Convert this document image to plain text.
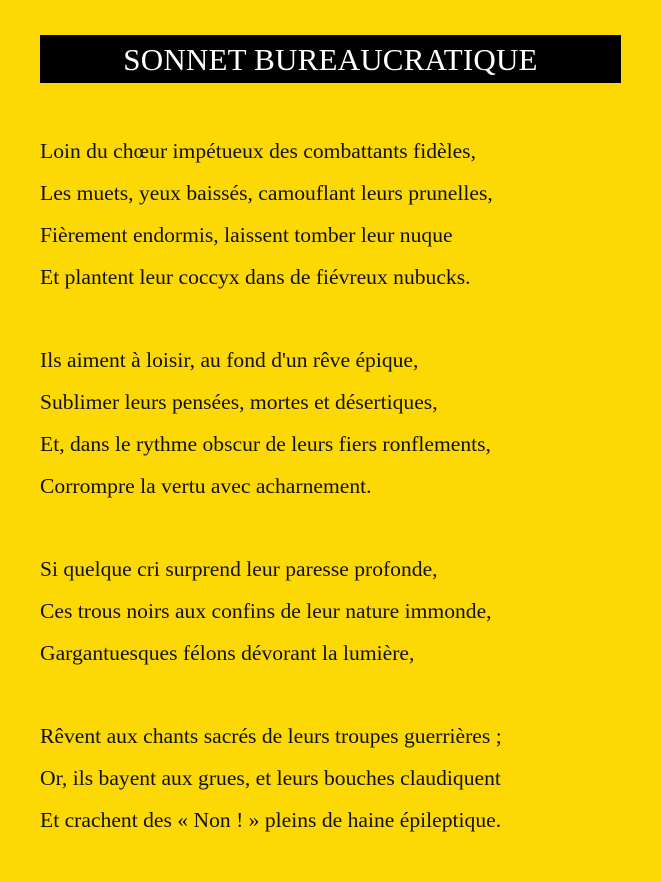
SONNET BUREAUCRATIQUE
Loin du chœur impétueux des combattants fidèles,
Les muets, yeux baissés, camouflant leurs prunelles,
Fièrement endormis, laissent tomber leur nuque
Et plantent leur coccyx dans de fiévreux nubucks.
Ils aiment à loisir, au fond d'un rêve épique,
Sublimer leurs pensées, mortes et désertiques,
Et, dans le rythme obscur de leurs fiers ronflements,
Corrompre la vertu avec acharnement.
Si quelque cri surprend leur paresse profonde,
Ces trous noirs aux confins de leur nature immonde,
Gargantuesques félons dévorant la lumière,
Rêvent aux chants sacrés de leurs troupes guerrières ;
Or, ils bayent aux grues, et leurs bouches claudiquent
Et crachent des « Non ! » pleins de haine épileptique.
